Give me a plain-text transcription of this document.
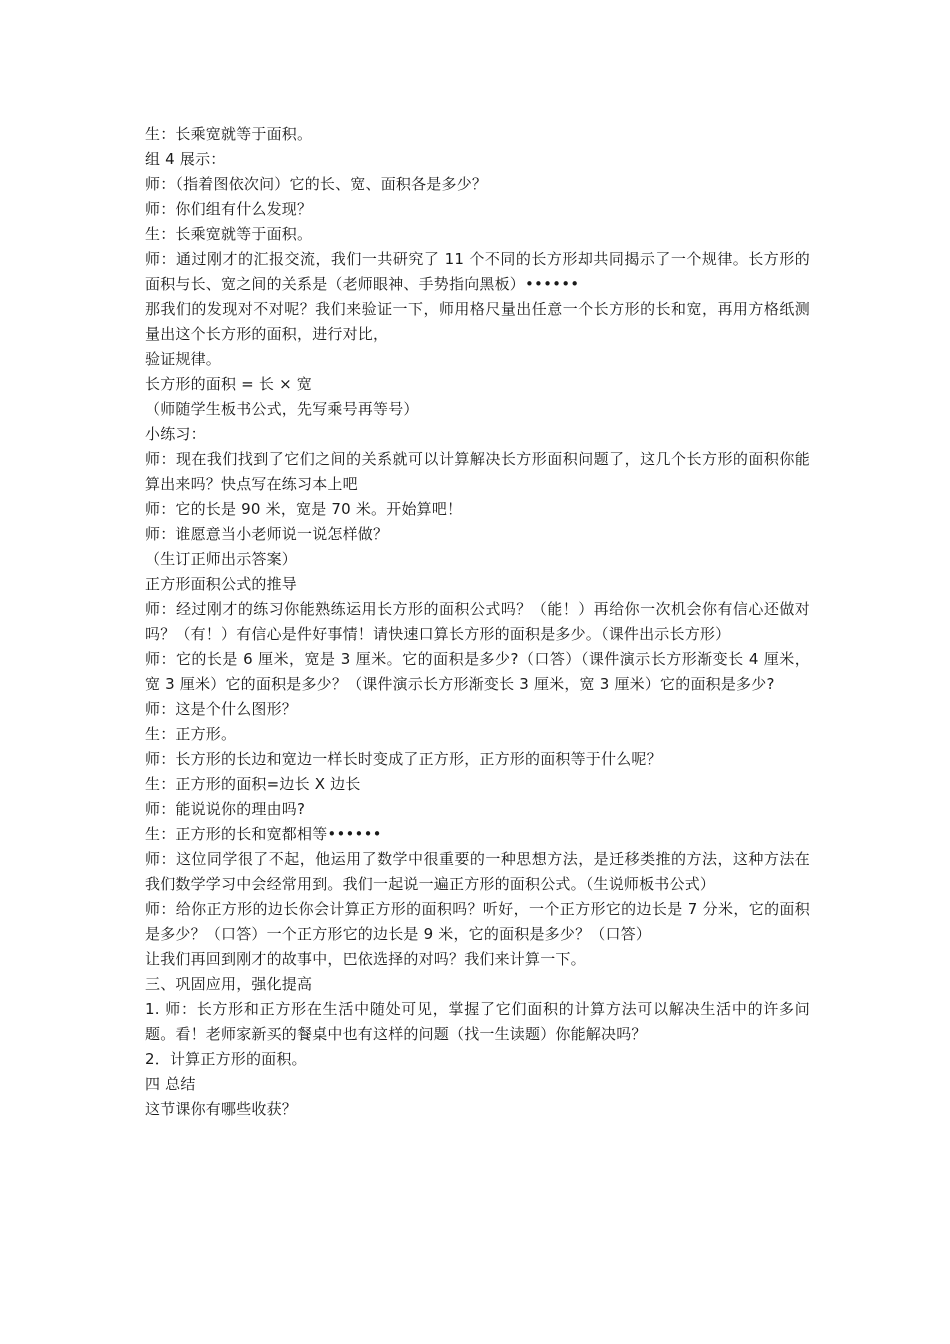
生：长乘宽就等于面积。

组 4 展示：

师：（指着图依次问）它的长、宽、面积各是多少？

师：你们组有什么发现？

生：长乘宽就等于面积。

师：通过刚才的汇报交流，我们一共研究了 11 个不同的长方形却共同揭示了一个规律。长方形的面积与长、宽之间的关系是（老师眼神、手势指向黑板）••••••

那我们的发现对不对呢？我们来验证一下，师用格尺量出任意一个长方形的长和宽，再用方格纸测量出这个长方形的面积，进行对比，

验证规律。

长方形的面积 = 长 × 宽

（师随学生板书公式，先写乘号再等号）

小练习：

师：现在我们找到了它们之间的关系就可以计算解决长方形面积问题了，这几个长方形的面积你能算出来吗？快点写在练习本上吧

师：它的长是 90 米，宽是 70 米。开始算吧！

师：谁愿意当小老师说一说怎样做？

（生订正师出示答案）

正方形面积公式的推导

师：经过刚才的练习你能熟练运用长方形的面积公式吗？（能！）再给你一次机会你有信心还做对吗？（有！）有信心是件好事情！请快速口算长方形的面积是多少。（课件出示长方形）

师：它的长是 6 厘米，宽是 3 厘米。它的面积是多少?（口答）（课件演示长方形渐变长 4 厘米，宽 3 厘米）它的面积是多少？（课件演示长方形渐变长 3 厘米，宽 3 厘米）它的面积是多少?

师：这是个什么图形？

生：正方形。

师：长方形的长边和宽边一样长时变成了正方形，正方形的面积等于什么呢？

生：正方形的面积=边长 X 边长

师：能说说你的理由吗?

生：正方形的长和宽都相等••••••

师：这位同学很了不起，他运用了数学中很重要的一种思想方法，是迁移类推的方法，这种方法在我们数学学习中会经常用到。我们一起说一遍正方形的面积公式。（生说师板书公式）

师：给你正方形的边长你会计算正方形的面积吗？听好，一个正方形它的边长是 7 分米，它的面积是多少？（口答）一个正方形它的边长是 9 米，它的面积是多少？（口答）

让我们再回到刚才的故事中，巴依选择的对吗？我们来计算一下。

三、巩固应用，强化提高

1. 师：长方形和正方形在生活中随处可见，掌握了它们面积的计算方法可以解决生活中的许多问题。看！老师家新买的餐桌中也有这样的问题（找一生读题）你能解决吗？

2．计算正方形的面积。

四 总结

这节课你有哪些收获？
